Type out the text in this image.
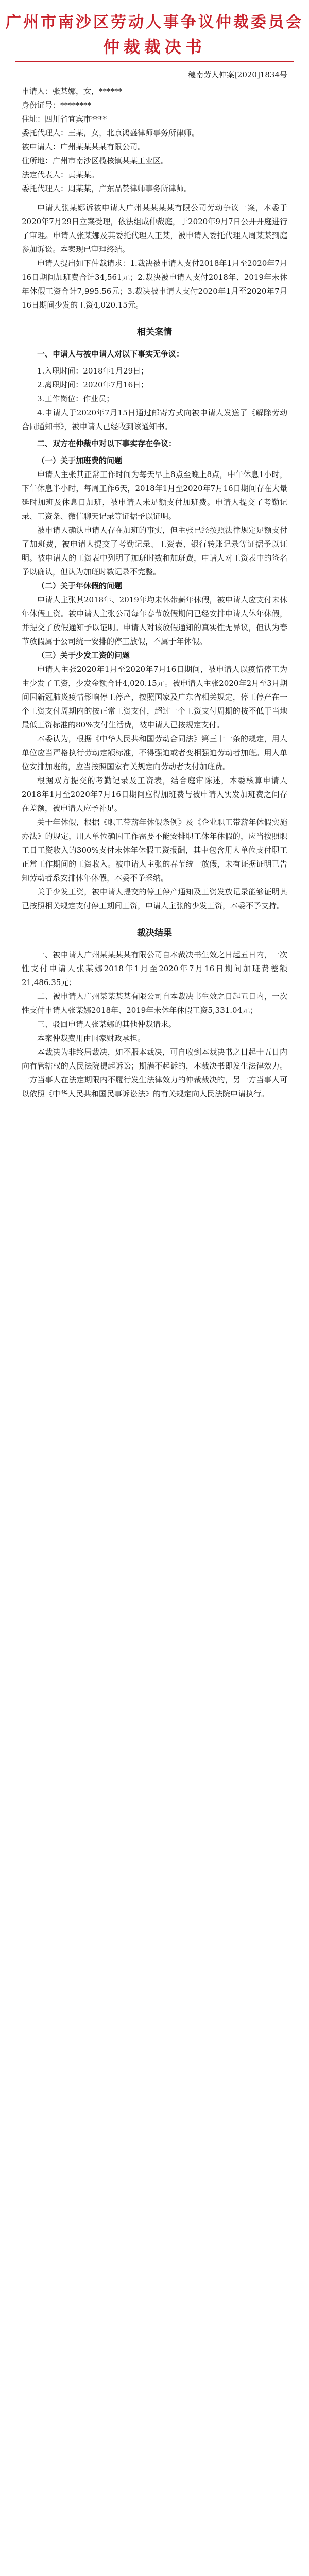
广州市南沙区劳动人事争议仲裁委员会
仲裁裁决书
穗南劳人仲案[2020]1834号

申请人：张某娜，女，******

身份证号：********

住址：四川省宜宾市****

委托代理人：王某，女，北京鸿盛律师事务所律师。

被申请人：广州某某某某有限公司。

住所地：广州市南沙区榄核镇某某工业区。

法定代表人：黄某某。

委托代理人：周某某，广东品赞律师事务所律师。

申请人张某娜诉被申请人广州某某某某有限公司劳动争议一案，本委于2020年7月29日立案受理，依法组成仲裁庭，于2020年9月7日公开开庭进行了审理。申请人张某娜及其委托代理人王某，被申请人委托代理人周某某到庭参加诉讼。本案现已审理终结。

申请人提出如下仲裁请求：1.裁决被申请人支付2018年1月至2020年7月16日期间加班费合计34,561元；2.裁决被申请人支付2018年、2019年未休年休假工资合计7,995.56元；3.裁决被申请人支付2020年1月至2020年7月16日期间少发的工资4,020.15元。

相关案情

一、申请人与被申请人对以下事实无争议：

1.入职时间：2018年1月29日；

2.离职时间：2020年7月16日；

3.工作岗位：作业员；

4.申请人于2020年7月15日通过邮寄方式向被申请人发送了《解除劳动合同通知书》，被申请人已经收到该通知书。

二、双方在仲裁中对以下事实存在争议：

（一）关于加班费的问题

申请人主张其正常工作时间为每天早上8点至晚上8点，中午休息1小时，下午休息半小时，每周工作6天，2018年1月至2020年7月16日期间存在大量延时加班及休息日加班，被申请人未足额支付加班费。申请人提交了考勤记录、工资条、微信聊天记录等证据予以证明。

被申请人确认申请人存在加班的事实，但主张已经按照法律规定足额支付了加班费，被申请人提交了考勤记录、工资表、银行转账记录等证据予以证明。被申请人的工资表中列明了加班时数和加班费，申请人对工资表中的签名予以确认，但认为加班时数记录不完整。

（二）关于年休假的问题

申请人主张其2018年、2019年均未休带薪年休假，被申请人应支付未休年休假工资。被申请人主张公司每年春节放假期间已经安排申请人休年休假，并提交了放假通知予以证明。申请人对该放假通知的真实性无异议，但认为春节放假属于公司统一安排的停工放假，不属于年休假。

（三）关于少发工资的问题

申请人主张2020年1月至2020年7月16日期间，被申请人以疫情停工为由少发了工资，少发金额合计4,020.15元。被申请人主张2020年2月至3月期间因新冠肺炎疫情影响停工停产，按照国家及广东省相关规定，停工停产在一个工资支付周期内的按正常工资支付，超过一个工资支付周期的按不低于当地最低工资标准的80%支付生活费，被申请人已按规定支付。

本委认为，根据《中华人民共和国劳动合同法》第三十一条的规定，用人单位应当严格执行劳动定额标准，不得强迫或者变相强迫劳动者加班。用人单位安排加班的，应当按照国家有关规定向劳动者支付加班费。

根据双方提交的考勤记录及工资表，结合庭审陈述，本委核算申请人2018年1月至2020年7月16日期间应得加班费与被申请人实发加班费之间存在差额，被申请人应予补足。

关于年休假，根据《职工带薪年休假条例》及《企业职工带薪年休假实施办法》的规定，用人单位确因工作需要不能安排职工休年休假的，应当按照职工日工资收入的300%支付未休年休假工资报酬，其中包含用人单位支付职工正常工作期间的工资收入。被申请人主张的春节统一放假，未有证据证明已告知劳动者系安排休年休假，本委不予采纳。

关于少发工资，被申请人提交的停工停产通知及工资发放记录能够证明其已按照相关规定支付停工期间工资，申请人主张的少发工资，本委不予支持。

裁决结果

一、被申请人广州某某某某有限公司自本裁决书生效之日起五日内，一次性支付申请人张某娜2018年1月至2020年7月16日期间加班费差额21,486.35元；

二、被申请人广州某某某某有限公司自本裁决书生效之日起五日内，一次性支付申请人张某娜2018年、2019年未休年休假工资5,331.04元；

三、驳回申请人张某娜的其他仲裁请求。

本案仲裁费用由国家财政承担。

本裁决为非终局裁决，如不服本裁决，可自收到本裁决书之日起十五日内向有管辖权的人民法院提起诉讼；期满不起诉的，本裁决书即发生法律效力。一方当事人在法定期限内不履行发生法律效力的仲裁裁决的，另一方当事人可以依照《中华人民共和国民事诉讼法》的有关规定向人民法院申请执行。
